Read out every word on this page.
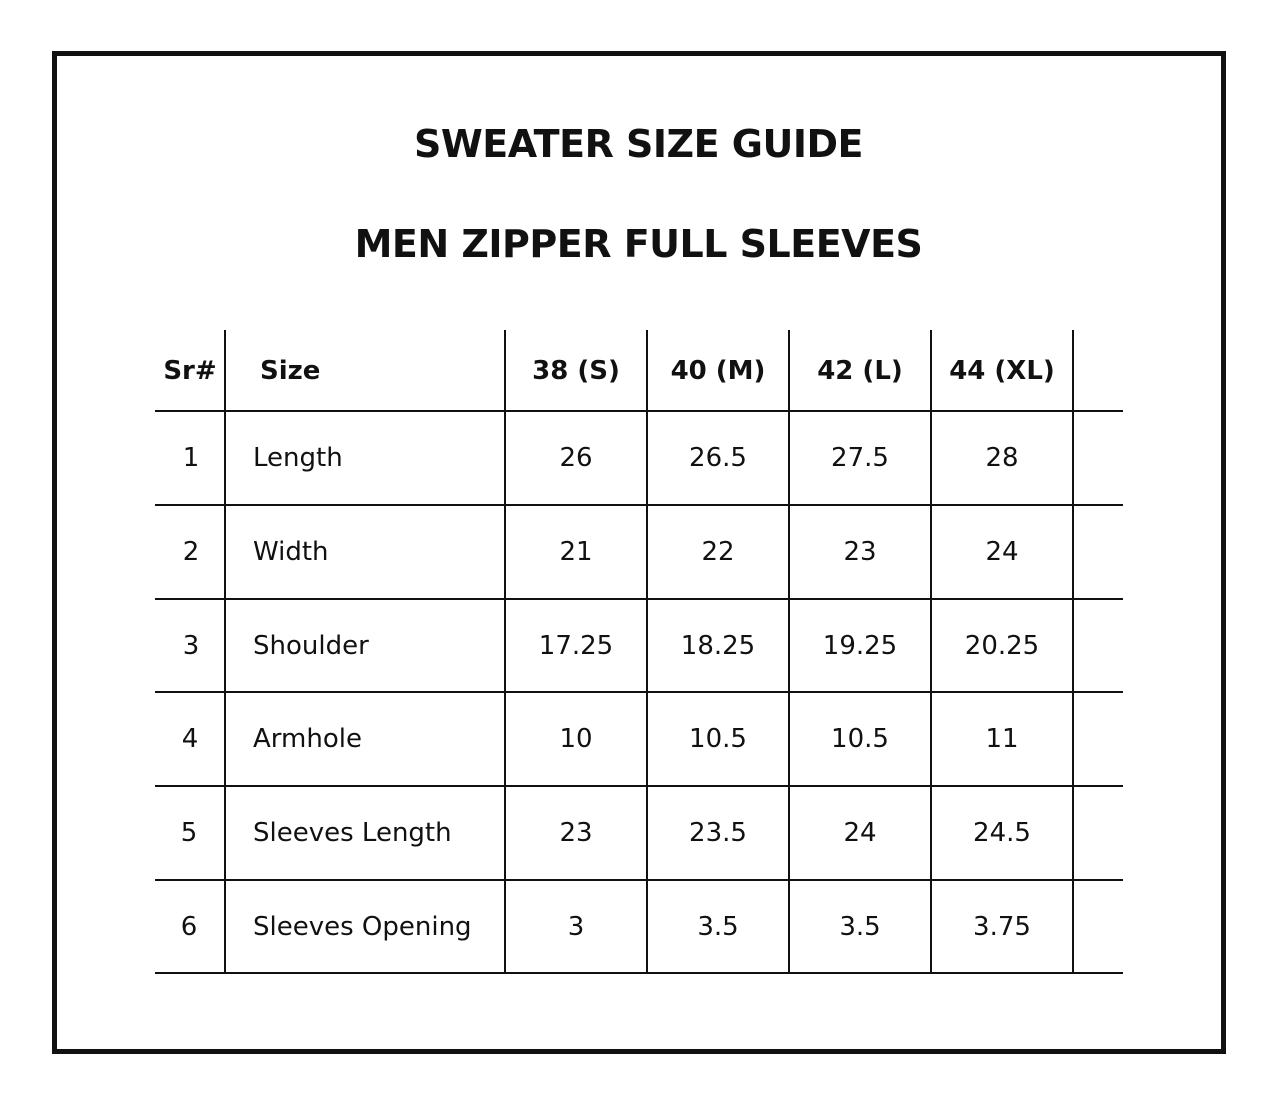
SWEATER SIZE GUIDE
MEN ZIPPER FULL SLEEVES
Sr#	Size	38 (S)	40 (M)	42 (L)	44 (XL)
1	Length	26	26.5	27.5	28
2	Width	21	22	23	24
3	Shoulder	17.25	18.25	19.25	20.25
4	Armhole	10	10.5	10.5	11
5	Sleeves Length	23	23.5	24	24.5
6	Sleeves Opening	3	3.5	3.5	3.75
